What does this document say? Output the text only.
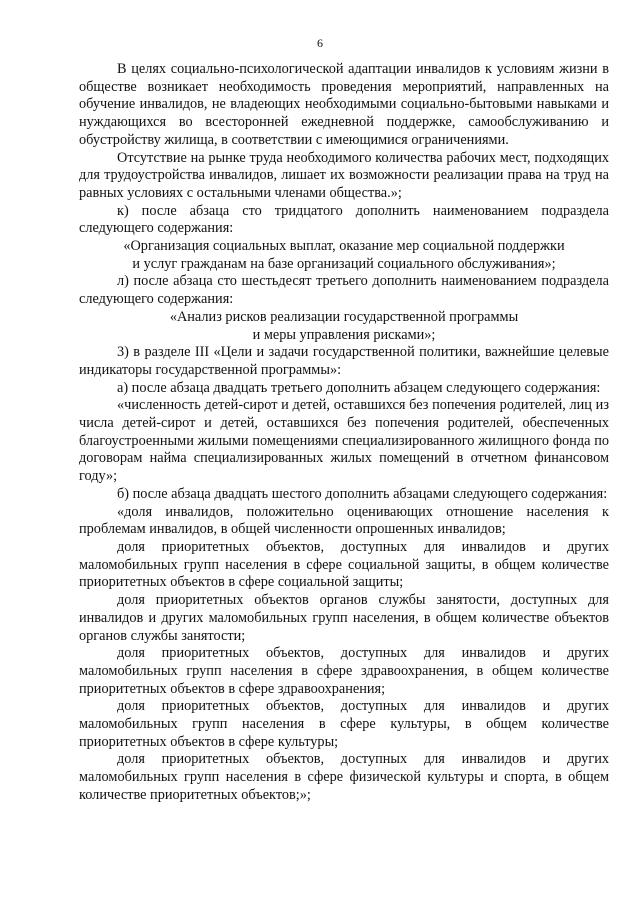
6

В целях социально-психологической адаптации инвалидов к условиям жизни в обществе возникает необходимость проведения мероприятий, направленных на обучение инвалидов, не владеющих необходимыми социально-бытовыми навыками и нуждающихся во всесторонней ежедневной поддержке, самообслуживанию и обустройству жилища, в соответствии с имеющимися ограничениями.

Отсутствие на рынке труда необходимого количества рабочих мест, подходящих для трудоустройства инвалидов, лишает их возможности реализации права на труд на равных условиях с остальными членами общества.»;

к) после абзаца сто тридцатого дополнить наименованием подраздела следующего содержания:

«Организация социальных выплат, оказание мер социальной поддержки

и услуг гражданам на базе организаций социального обслуживания»;

л) после абзаца сто шестьдесят третьего дополнить наименованием подраздела следующего содержания:

«Анализ рисков реализации государственной программы

и меры управления рисками»;

3) в разделе III «Цели и задачи государственной политики, важнейшие целевые индикаторы государственной программы»:

а) после абзаца двадцать третьего дополнить абзацем следующего содержания:

«численность детей-сирот и детей, оставшихся без попечения родителей, лиц из числа детей-сирот и детей, оставшихся без попечения родителей, обеспеченных благоустроенными жилыми помещениями специализированного жилищного фонда по договорам найма специализированных жилых помещений в отчетном финансовом году»;

б) после абзаца двадцать шестого дополнить абзацами следующего содержания:

«доля инвалидов, положительно оценивающих отношение населения к проблемам инвалидов, в общей численности опрошенных инвалидов;

доля приоритетных объектов, доступных для инвалидов и других маломобильных групп населения в сфере социальной защиты, в общем количестве приоритетных объектов в сфере социальной защиты;

доля приоритетных объектов органов службы занятости, доступных для инвалидов и других маломобильных групп населения, в общем количестве объектов органов службы занятости;

доля приоритетных объектов, доступных для инвалидов и других маломобильных групп населения в сфере здравоохранения, в общем количестве приоритетных объектов в сфере здравоохранения;

доля приоритетных объектов, доступных для инвалидов и других маломобильных групп населения в сфере культуры, в общем количестве приоритетных объектов в сфере культуры;

доля приоритетных объектов, доступных для инвалидов и других маломобильных групп населения в сфере физической культуры и спорта, в общем количестве приоритетных объектов;»;
